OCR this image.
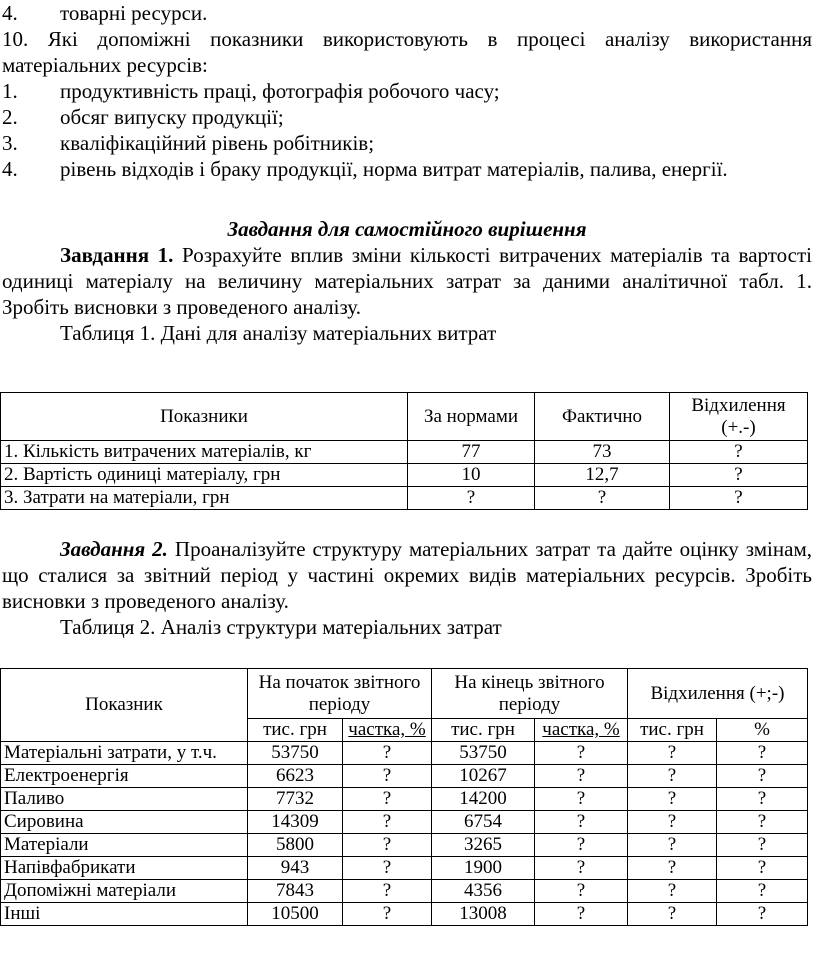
4.	товарні ресурси.

10. Які допоміжні показники використовують в процесі аналізу використання матеріальних ресурсів:

1.	продуктивність праці, фотографія робочого часу;
2.	обсяг випуску продукції;
3.	кваліфікаційний рівень робітників;
4.	рівень відходів і браку продукції, норма витрат матеріалів, палива, енергії.

Завдання для самостійного вирішення

Завдання 1. Розрахуйте вплив зміни кількості витрачених матеріалів та вартості одиниці матеріалу на величину матеріальних затрат за даними аналітичної табл. 1. Зробіть висновки з проведеного аналізу.

Таблиця 1. Дані для аналізу матеріальних витрат

Показники	За нормами	Фактично	Відхилення (+.-)
1. Кількість витрачених матеріалів, кг	77	73	?
2. Вартість одиниці матеріалу, грн	10	12,7	?
3. Затрати на матеріали, грн	?	?	?

Завдання 2. Проаналізуйте структуру матеріальних затрат та дайте оцінку змінам, що сталися за звітний період у частині окремих видів матеріальних ресурсів. Зробіть висновки з проведеного аналізу.

Таблиця 2. Аналіз структури матеріальних затрат

Показник	На початок звітного періоду		На кінець звітного періоду		Відхилення (+;-)	
	тис. грн	частка, %	тис. грн	частка, %	тис. грн	%
Матеріальні затрати, у т.ч.	53750	?	53750	?	?	?
Електроенергія	6623	?	10267	?	?	?
Паливо	7732	?	14200	?	?	?
Сировина	14309	?	6754	?	?	?
Матеріали	5800	?	3265	?	?	?
Напівфабрикати	943	?	1900	?	?	?
Допоміжні матеріали	7843	?	4356	?	?	?
Інші	10500	?	13008	?	?	?
